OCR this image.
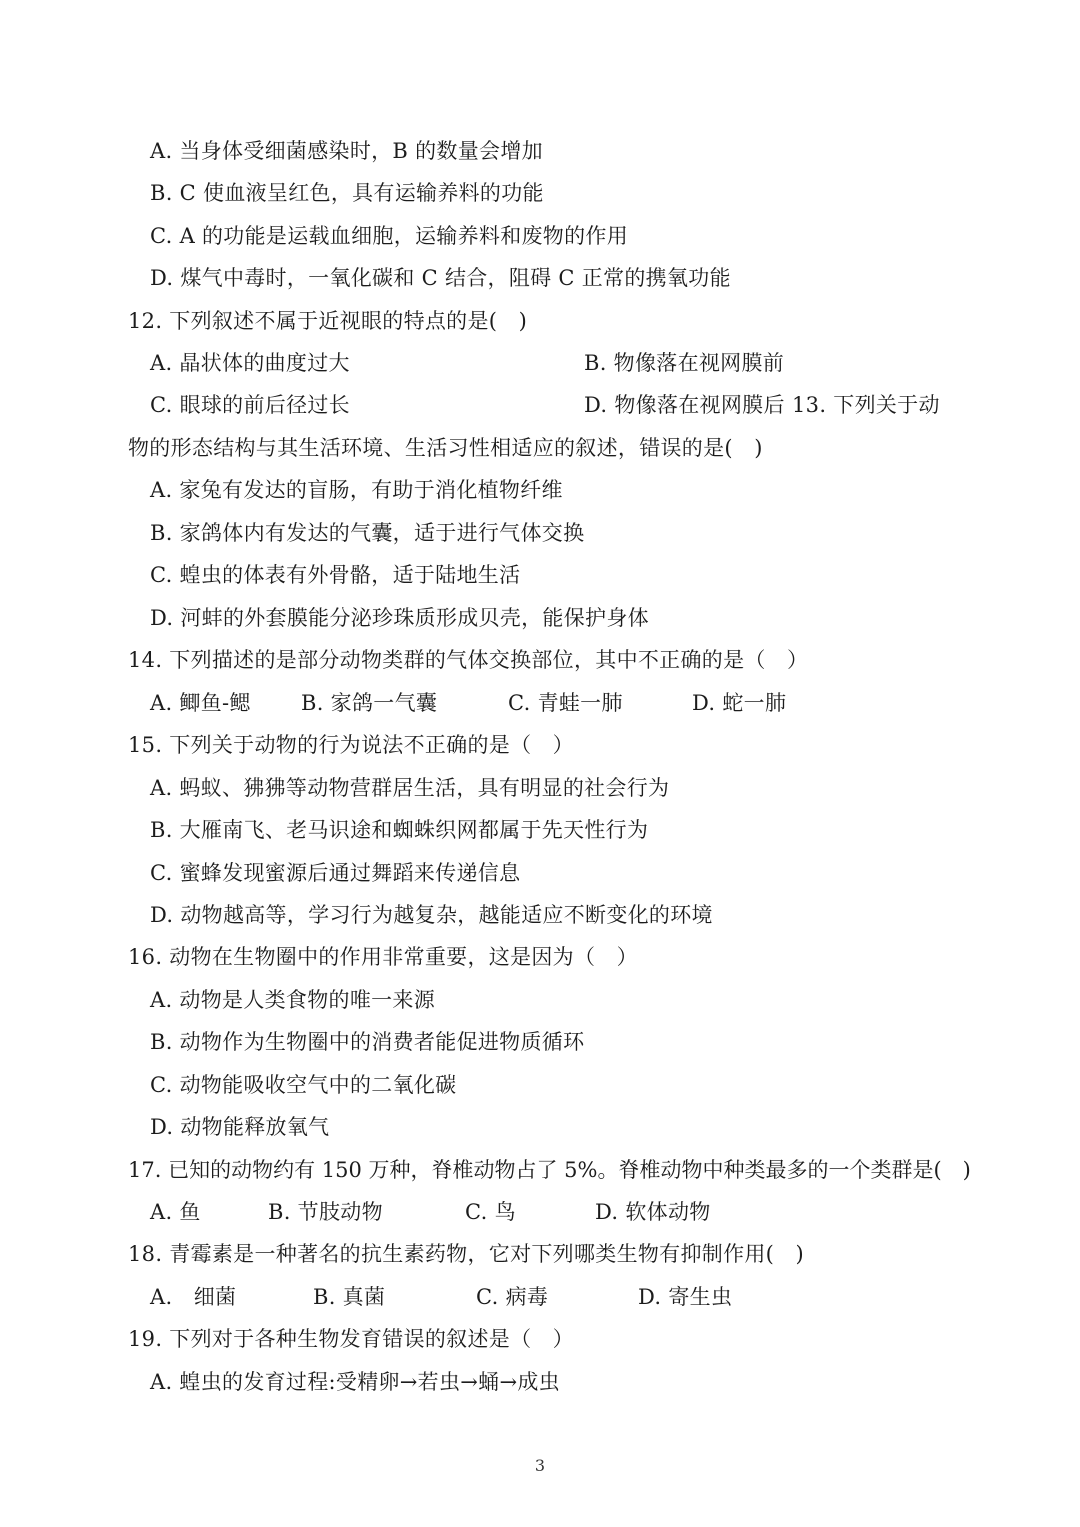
A. 当身体受细菌感染时，B 的数量会增加
B. C 使血液呈红色，具有运输养料的功能
C. A 的功能是运载血细胞，运输养料和废物的作用
D. 煤气中毒时，一氧化碳和 C 结合，阻碍 C 正常的携氧功能
12. 下列叙述不属于近视眼的特点的是(　)
A. 晶状体的曲度过大	B. 物像落在视网膜前
C. 眼球的前后径过长	D. 物像落在视网膜后 13. 下列关于动
物的形态结构与其生活环境、生活习性相适应的叙述，错误的是(　)
A. 家兔有发达的盲肠，有助于消化植物纤维
B. 家鸽体内有发达的气囊，适于进行气体交换
C. 蝗虫的体表有外骨骼，适于陆地生活
D. 河蚌的外套膜能分泌珍珠质形成贝壳，能保护身体
14. 下列描述的是部分动物类群的气体交换部位，其中不正确的是（　）
A. 鲫鱼-鳃 B. 家鸽一气囊	C. 青蛙一肺	D. 蛇一肺
15. 下列关于动物的行为说法不正确的是（　）
A. 蚂蚁、狒狒等动物营群居生活，具有明显的社会行为
B. 大雁南飞、老马识途和蜘蛛织网都属于先天性行为
C. 蜜蜂发现蜜源后通过舞蹈来传递信息
D. 动物越高等，学习行为越复杂，越能适应不断变化的环境
16. 动物在生物圈中的作用非常重要，这是因为（　）
A. 动物是人类食物的唯一来源
B. 动物作为生物圈中的消费者能促进物质循环
C. 动物能吸收空气中的二氧化碳
D. 动物能释放氧气
17. 已知的动物约有 150 万种，脊椎动物占了 5%。脊椎动物中种类最多的一个类群是(　)
A. 鱼	B. 节肢动物	C. 鸟	D. 软体动物
18. 青霉素是一种著名的抗生素药物，它对下列哪类生物有抑制作用(　)
A.　细菌	B. 真菌	C. 病毒	D. 寄生虫
19. 下列对于各种生物发育错误的叙述是（　）
A. 蝗虫的发育过程:受精卵→若虫→蛹→成虫
3
